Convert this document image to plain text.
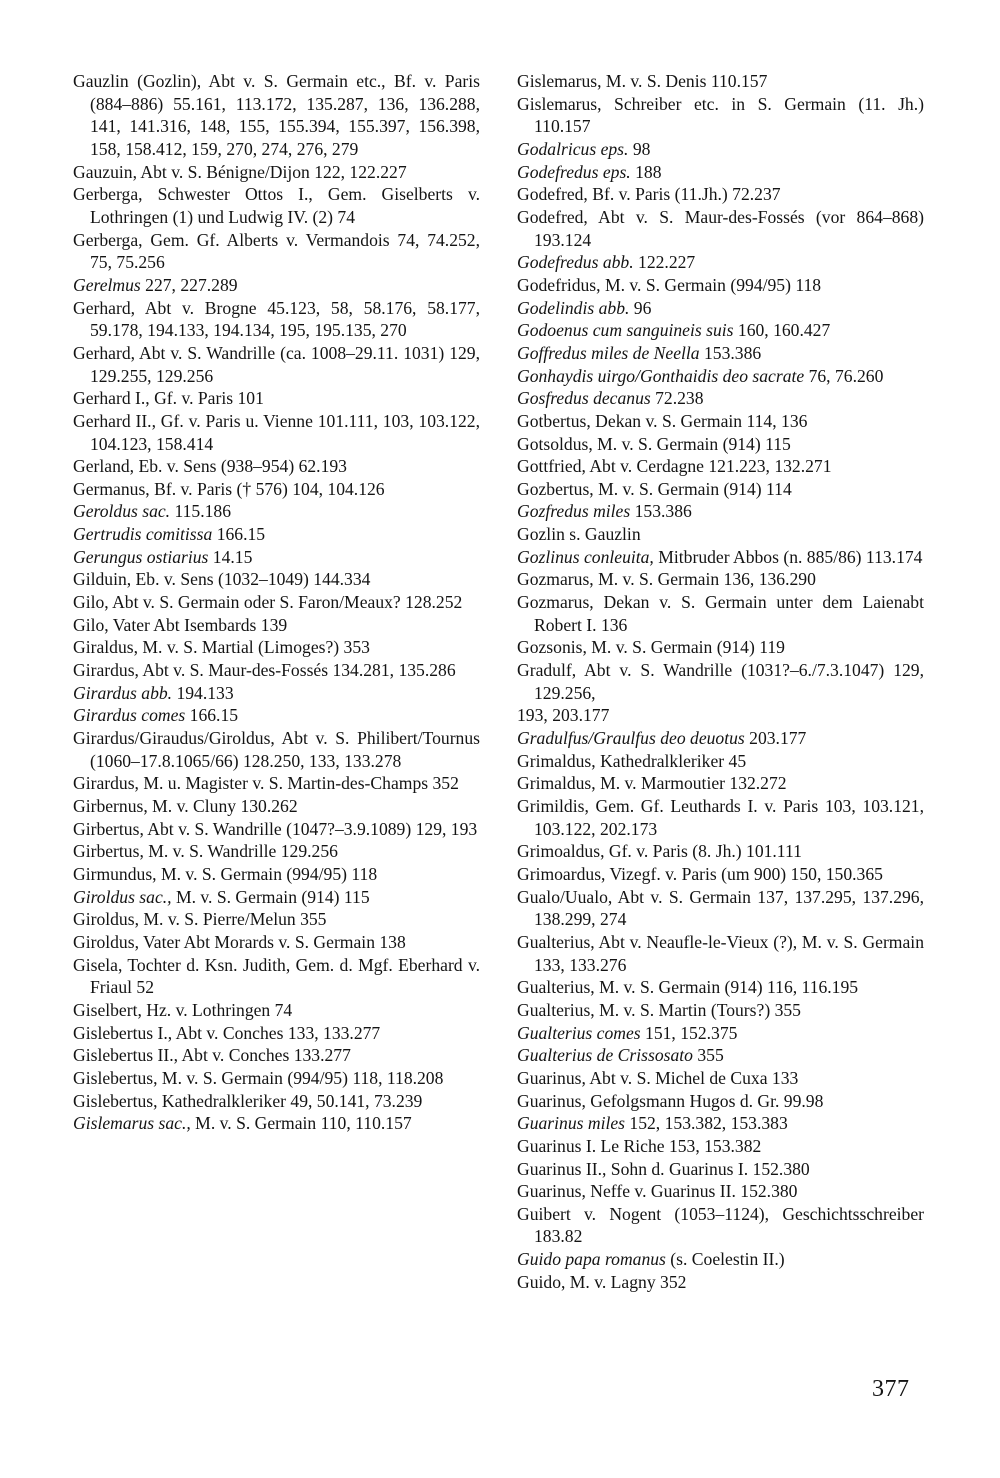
Gauzlin (Gozlin), Abt v. S. Germain etc., Bf. v. Paris (884–886) 55.161, 113.172, 135.287, 136, 136.288, 141, 141.316, 148, 155, 155.394, 155.397, 156.398, 158, 158.412, 159, 270, 274, 276, 279

Gauzuin, Abt v. S. Bénigne/Dijon 122, 122.227

Gerberga, Schwester Ottos I., Gem. Giselberts v. Lothringen (1) und Ludwig IV. (2) 74

Gerberga, Gem. Gf. Alberts v. Vermandois 74, 74.252, 75, 75.256

Gerelmus 227, 227.289

Gerhard, Abt v. Brogne 45.123, 58, 58.176, 58.177, 59.178, 194.133, 194.134, 195, 195.135, 270

Gerhard, Abt v. S. Wandrille (ca. 1008–29.11. 1031) 129, 129.255, 129.256

Gerhard I., Gf. v. Paris 101

Gerhard II., Gf. v. Paris u. Vienne 101.111, 103, 103.122, 104.123, 158.414

Gerland, Eb. v. Sens (938–954) 62.193

Germanus, Bf. v. Paris († 576) 104, 104.126

Geroldus sac. 115.186

Gertrudis comitissa 166.15

Gerungus ostiarius 14.15

Gilduin, Eb. v. Sens (1032–1049) 144.334

Gilo, Abt v. S. Germain oder S. Faron/Meaux? 128.252

Gilo, Vater Abt Isembards 139

Giraldus, M. v. S. Martial (Limoges?) 353

Girardus, Abt v. S. Maur-des-Fossés 134.281, 135.286

Girardus abb. 194.133

Girardus comes 166.15

Girardus/Giraudus/Giroldus, Abt v. S. Philibert/Tournus (1060–17.8.1065/66) 128.250, 133, 133.278

Girardus, M. u. Magister v. S. Martin-des-Champs 352

Girbernus, M. v. Cluny 130.262

Girbertus, Abt v. S. Wandrille (1047?–3.9.1089) 129, 193

Girbertus, M. v. S. Wandrille 129.256

Girmundus, M. v. S. Germain (994/95) 118

Giroldus sac., M. v. S. Germain (914) 115

Giroldus, M. v. S. Pierre/Melun 355

Giroldus, Vater Abt Morards v. S. Germain 138

Gisela, Tochter d. Ksn. Judith, Gem. d. Mgf. Eberhard v. Friaul 52

Giselbert, Hz. v. Lothringen 74

Gislebertus I., Abt v. Conches 133, 133.277

Gislebertus II., Abt v. Conches 133.277

Gislebertus, M. v. S. Germain (994/95) 118, 118.208

Gislebertus, Kathedralkleriker 49, 50.141, 73.239

Gislemarus sac., M. v. S. Germain 110, 110.157

Gislemarus, M. v. S. Denis 110.157

Gislemarus, Schreiber etc. in S. Germain (11. Jh.) 110.157

Godalricus eps. 98

Godefredus eps. 188

Godefred, Bf. v. Paris (11.Jh.) 72.237

Godefred, Abt v. S. Maur-des-Fossés (vor 864–868) 193.124

Godefredus abb. 122.227

Godefridus, M. v. S. Germain (994/95) 118

Godelindis abb. 96

Godoenus cum sanguineis suis 160, 160.427

Goffredus miles de Neella 153.386

Gonhaydis uirgo/Gonthaidis deo sacrate 76, 76.260

Gosfredus decanus 72.238

Gotbertus, Dekan v. S. Germain 114, 136

Gotsoldus, M. v. S. Germain (914) 115

Gottfried, Abt v. Cerdagne 121.223, 132.271

Gozbertus, M. v. S. Germain (914) 114

Gozfredus miles 153.386

Gozlin s. Gauzlin

Gozlinus conleuita, Mitbruder Abbos (n. 885/86) 113.174

Gozmarus, M. v. S. Germain 136, 136.290

Gozmarus, Dekan v. S. Germain unter dem Laienabt Robert I. 136

Gozsonis, M. v. S. Germain (914) 119

Gradulf, Abt v. S. Wandrille (1031?–6./7.3.1047) 129, 129.256,

193, 203.177

Gradulfus/Graulfus deo deuotus 203.177

Grimaldus, Kathedralkleriker 45

Grimaldus, M. v. Marmoutier 132.272

Grimildis, Gem. Gf. Leuthards I. v. Paris 103, 103.121, 103.122, 202.173

Grimoaldus, Gf. v. Paris (8. Jh.) 101.111

Grimoardus, Vizegf. v. Paris (um 900) 150, 150.365

Gualo/Uualo, Abt v. S. Germain 137, 137.295, 137.296, 138.299, 274

Gualterius, Abt v. Neaufle-le-Vieux (?), M. v. S. Germain 133, 133.276

Gualterius, M. v. S. Germain (914) 116, 116.195

Gualterius, M. v. S. Martin (Tours?) 355

Gualterius comes 151, 152.375

Gualterius de Crissosato 355

Guarinus, Abt v. S. Michel de Cuxa 133

Guarinus, Gefolgsmann Hugos d. Gr. 99.98

Guarinus miles 152, 153.382, 153.383

Guarinus I. Le Riche 153, 153.382

Guarinus II., Sohn d. Guarinus I. 152.380

Guarinus, Neffe v. Guarinus II. 152.380

Guibert v. Nogent (1053–1124), Geschichtsschreiber 183.82

Guido papa romanus (s. Coelestin II.)

Guido, M. v. Lagny 352

377
